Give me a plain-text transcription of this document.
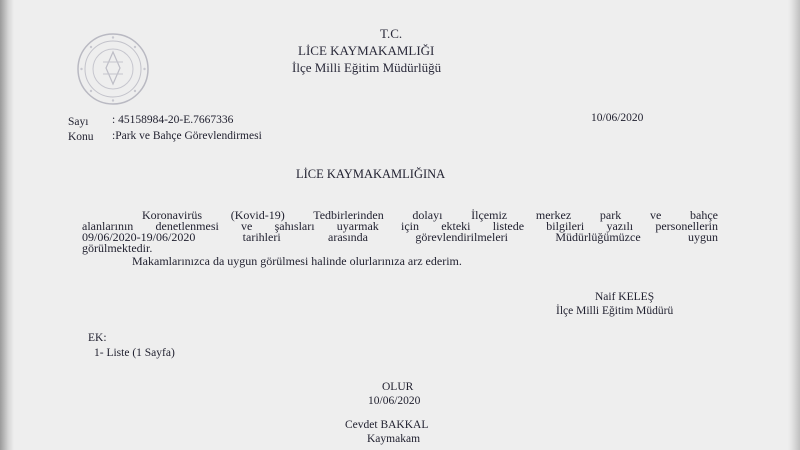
T.C.
LİCE KAYMAKAMLIĞI
İlçe Milli Eğitim Müdürlüğü
Sayı : 45158984-20-E.7667336	10/06/2020
Konu :Park ve Bahçe Görevlendirmesi
LİCE KAYMAKAMLIĞINA
Koronavirüs (Kovid-19) Tedbirlerinden dolayı İlçemiz merkez park ve bahçe
alanlarının denetlenmesi ve şahısları uyarmak için ekteki listede bilgileri yazılı personellerin
09/06/2020-19/06/2020 tarihleri arasında görevlendirilmeleri Müdürlüğümüzce uygun
görülmektedir.
Makamlarınızca da uygun görülmesi halinde olurlarınıza arz ederim.
Naif KELEŞ
İlçe Milli Eğitim Müdürü
EK:
1- Liste (1 Sayfa)
OLUR
10/06/2020
Cevdet BAKKAL
Kaymakam
